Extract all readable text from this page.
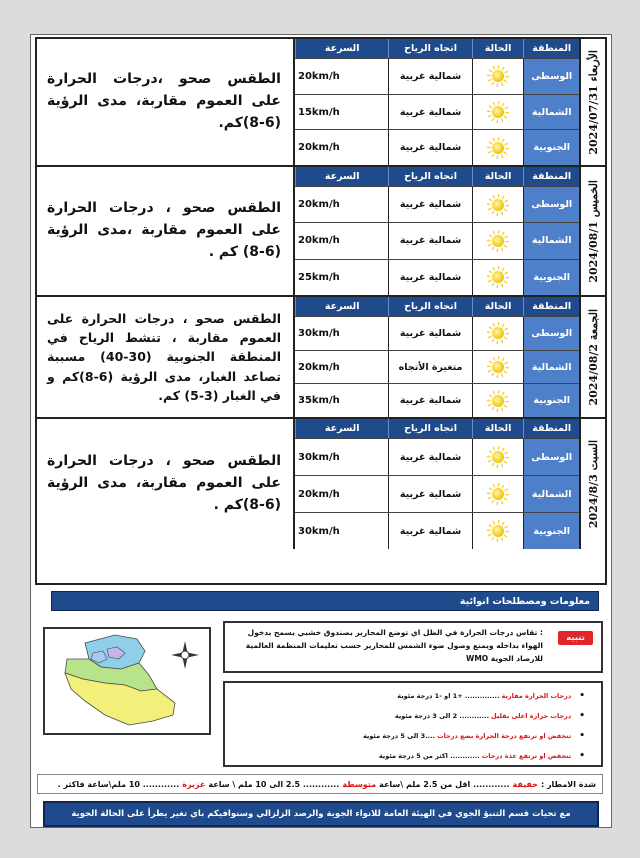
الأربعاء 2024/07/31
المنطقة
الحالة
اتجاه الرياح
السرعة
الوسطى
شمالية غربية
20km/h
الشمالية
شمالية غربية
15km/h
الجنوبية
شمالية غربية
20km/h
الطقس صحو ،درجات الحرارة على العموم مقاربة، مدى الرؤية (6-8)كم.
الخميس 2024/08/1
المنطقة
الحالة
اتجاه الرياح
السرعة
الوسطى
شمالية غربية
20km/h
الشمالية
شمالية غربية
20km/h
الجنوبية
شمالية غربية
25km/h
الطقس صحو ، درجات الحرارة على العموم مقاربة ،مدى الرؤية (6-8) كم .
الجمعة 2024/08/2
المنطقة
الحالة
اتجاه الرياح
السرعة
الوسطى
شمالية غربية
30km/h
الشمالية
متغيرة الأتجاه
20km/h
الجنوبية
شمالية غربية
35km/h
الطقس صحو ، درجات الحرارة على العموم مقاربة ، تنشط الرياح في المنطقة الجنوبية (30-40) مسببة تصاعد الغبار، مدى الرؤية (6-8)كم و في الغبار (3-5) كم.
السبت 2024/8/3
المنطقة
الحالة
اتجاه الرياح
السرعة
الوسطى
شمالية غربية
30km/h
الشمالية
شمالية غربية
20km/h
الجنوبية
شمالية غربية
30km/h
الطقس صحو ، درجات الحرارة على العموم مقاربة، مدى الرؤية (6-8)كم .
معلومات ومصطلحات انوائية
تنبيه
: تقاس درجات الحرارة في الظل اي توضع المحارير بصندوق خشبي يسمح بدخول الهواء بداخله ويمنع وصول ضوء الشمس للمحارير حسب تعليمات المنظمة العالمية للارصاد الجوية WMO
• درجات الحرارة مقاربة
.............. +1 او -1 درجة مئوية
• درجات حرارة اعلى بقليل
............ 2 الى 3 درجة مئوية
• تنخفض او ترتفع درجة الحرارة بضع درجات
....3 الى 5 درجة مئوية
• تنخفض او ترتفع عدة درجات
............ اكثر من 5 درجة مئوية
شدة الامطار :
خفيفة
............ اقل من 2.5 ملم \ساعة
متوسطة
............ 2.5 الى 10 ملم \ ساعة
غزيرة
............ 10 ملم\ساعة فاكثر .
مع تحيات قسم التنبؤ الجوي في الهيئة العامة للانواء الجوية والرصد الزلزالي وسنوافيكم باي تغير يطرأ على الحالة الجوية
